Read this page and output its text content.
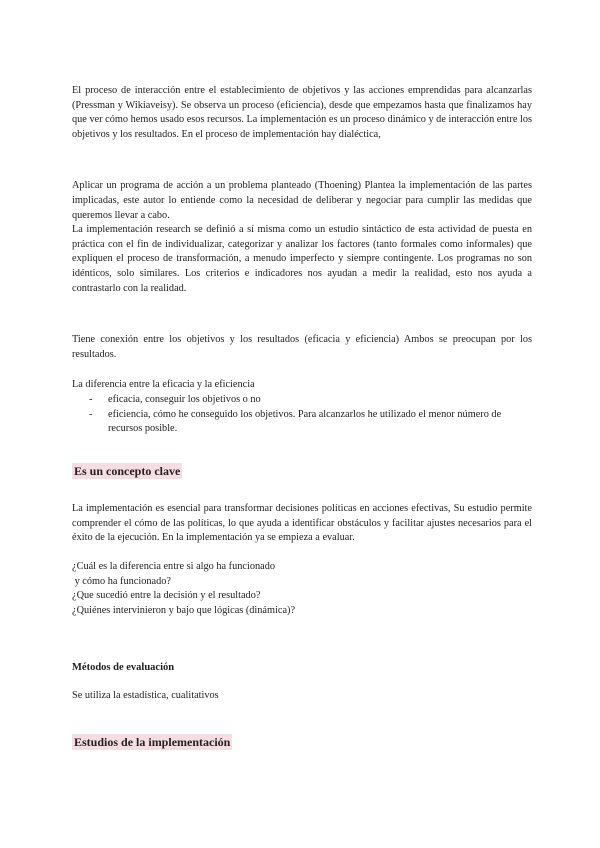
El proceso de interacción entre el establecimiento de objetivos y las acciones emprendidas para alcanzarlas (Pressman y Wikiaveisy). Se observa un proceso (eficiencia), desde que empezamos hasta que finalizamos hay que ver cómo hemos usado esos recursos. La implementación es un proceso dinámico y de interacción entre los objetivos y los resultados. En el proceso de implementación hay dialéctica,

Aplicar un programa de acción a un problema planteado (Thoening) Plantea la implementación de las partes implicadas, este autor lo entiende como la necesidad de deliberar y negociar para cumplir las medidas que queremos llevar a cabo.

La implementación research se definió a sí misma como un estudio sintáctico de esta actividad de puesta en práctica con el fin de individualizar, categorizar y analizar los factores (tanto formales como informales) que expliquen el proceso de transformación, a menudo imperfecto y siempre contingente. Los programas no son idénticos, solo similares. Los criterios e indicadores nos ayudan a medir la realidad, esto nos ayuda a contrastarlo con la realidad.

Tiene conexión entre los objetivos y los resultados (eficacia y eficiencia) Ambos se preocupan por los resultados.

La diferencia entre la eficacia y la eficiencia

- eficacia, conseguir los objetivos o no
- eficiencia, cómo he conseguido los objetivos. Para alcanzarlos he utilizado el menor número de recursos posible.
Es un concepto clave

La implementación es esencial para transformar decisiones políticas en acciones efectivas, Su estudio permite comprender el cómo de las políticas, lo que ayuda a identificar obstáculos y facilitar ajustes necesarios para el éxito de la ejecución. En la implementación ya se empieza a evaluar.

¿Cuál es la diferencia entre si algo ha funcionado
y cómo ha funcionado?
¿Que sucedió entre la decisión y el resultado?
¿Quiénes intervinieron y bajo que lógicas (dinámica)?
Métodos de evaluación

Se utiliza la estadística, cualitativos

Estudios de la implementación
